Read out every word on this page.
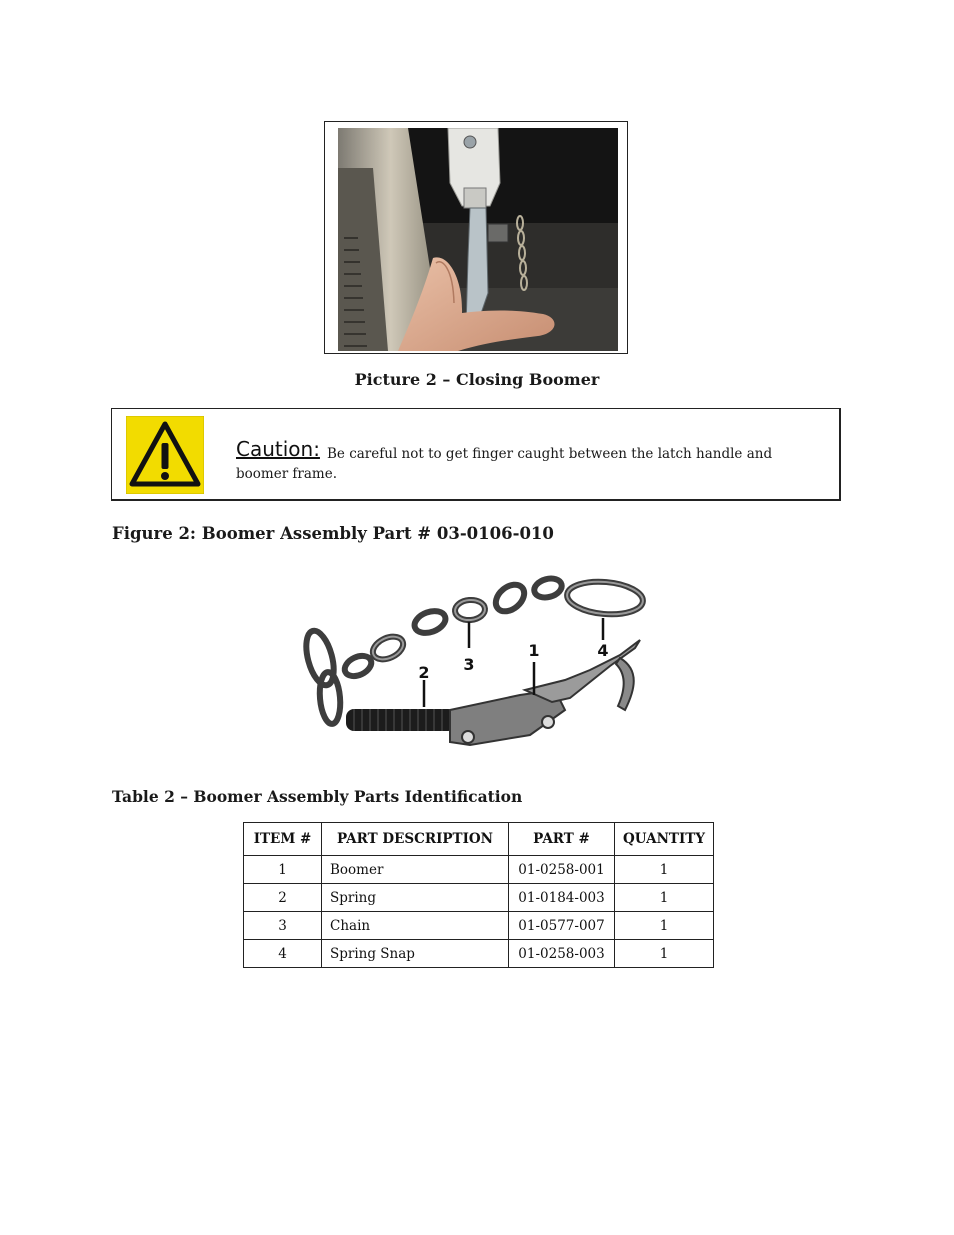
Picture 2 – Closing Boomer
Be careful not to get finger caught between the latch handle and boomer frame.
Caution:
Figure 2: Boomer Assembly Part # 03-0106-010
1
2 3
4
Table 2 – Boomer Assembly Parts Identification
ITEM #	PART DESCRIPTION	PART #	QUANTITY
1	Boomer	01-0258-001	1
2	Spring	01-0184-003	1
3	Chain	01-0577-007	1
4	Spring Snap	01-0258-003	1
